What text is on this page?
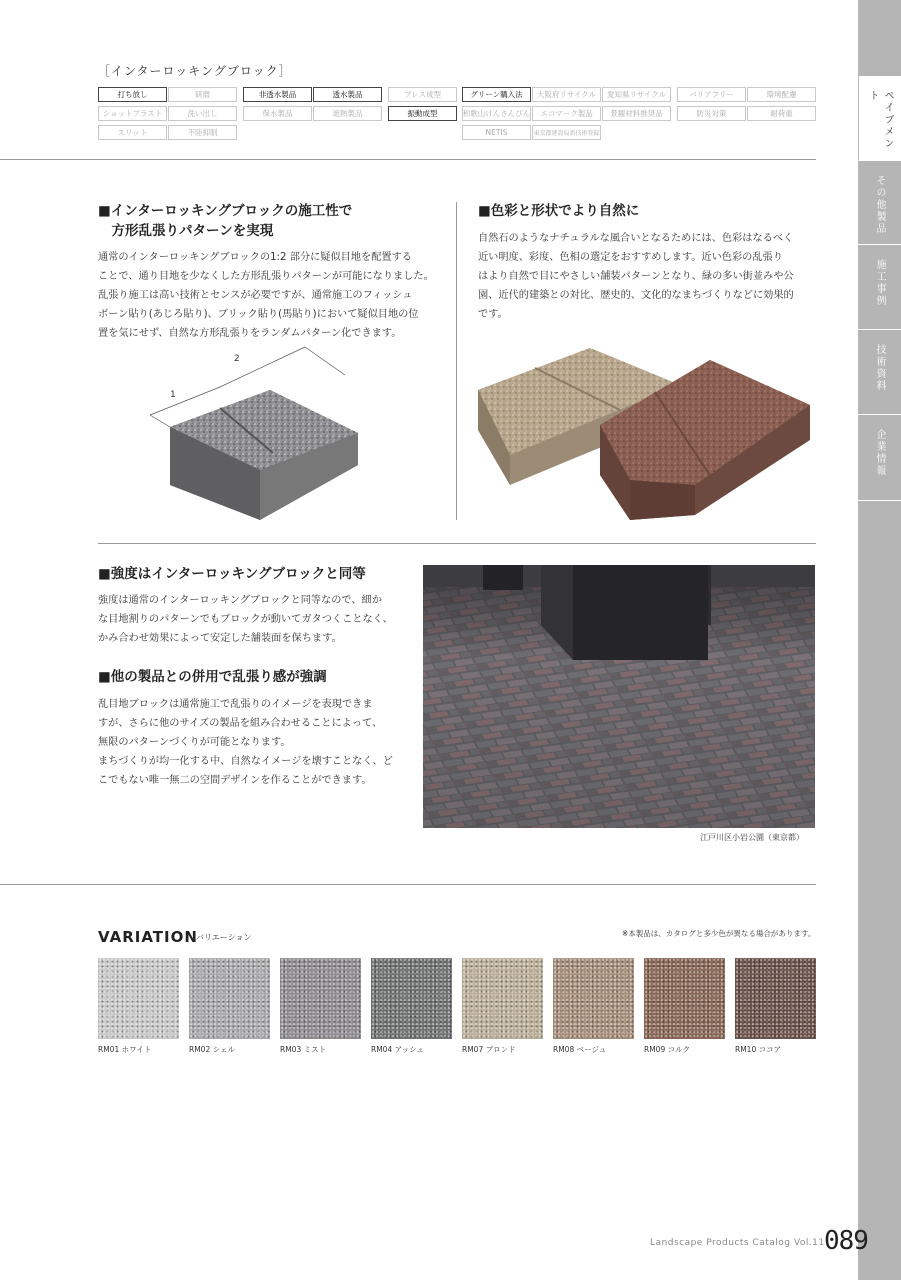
ペイブメント
その他製品
施工事例
技術資料
企業情報
［インターロッキングブロック］
打ち放し	研磨	非透水製品	透水製品	プレス成型	グリーン購入法	大阪府リサイクル	愛知県リサイクル	バリアフリー	環境配慮
ショットブラスト	洗い出し	保水製品	遮熱製品	振動成型	和歌山けんさんぴん	エコマーク製品	景観材料推奨品	防災対策	耐荷重
スリット	不陸抑制	NETIS	東京都建設局新技術登録
■インターロッキングブロックの施工性で
　方形乱張りパターンを実現
通常のインターロッキングブロックの1:2 部分に疑似目地を配置する
ことで、通り目地を少なくした方形乱張りパターンが可能になりました。
乱張り施工は高い技術とセンスが必要ですが、通常施工のフィッシュ
ボーン貼り(あじろ貼り)、ブリック貼り(馬貼り)において疑似目地の位
置を気にせず、自然な方形乱張りをランダムパターン化できます。
1
2
■色彩と形状でより自然に
自然石のようなナチュラルな風合いとなるためには、色彩はなるべく
近い明度、彩度、色相の選定をおすすめします。近い色彩の乱張り
はより自然で目にやさしい舗装パターンとなり、緑の多い街並みや公
園、近代的建築との対比、歴史的、文化的なまちづくりなどに効果的
です。
■強度はインターロッキングブロックと同等
強度は通常のインターロッキングブロックと同等なので、細か
な目地割りのパターンでもブロックが動いてガタつくことなく、
かみ合わせ効果によって安定した舗装面を保ちます。
■他の製品との併用で乱張り感が強調
乱目地ブロックは通常施工で乱張りのイメージを表現できま
すが、さらに他のサイズの製品を組み合わせることによって、
無限のパターンづくりが可能となります。
まちづくりが均一化する中、自然なイメージを壊すことなく、ど
こでもない唯一無二の空間デザインを作ることができます。
江戸川区小岩公園（東京都）
VARIATION
バリエーション	※本製品は、カタログと多少色が異なる場合があります。
RM01 ホワイト	RM02 シェル	RM03 ミスト	RM04 アッシュ	RM07 ブロンド	RM08 ベージュ	RM09 コルク	RM10 ココア
Landscape Products Catalog Vol.11 089
